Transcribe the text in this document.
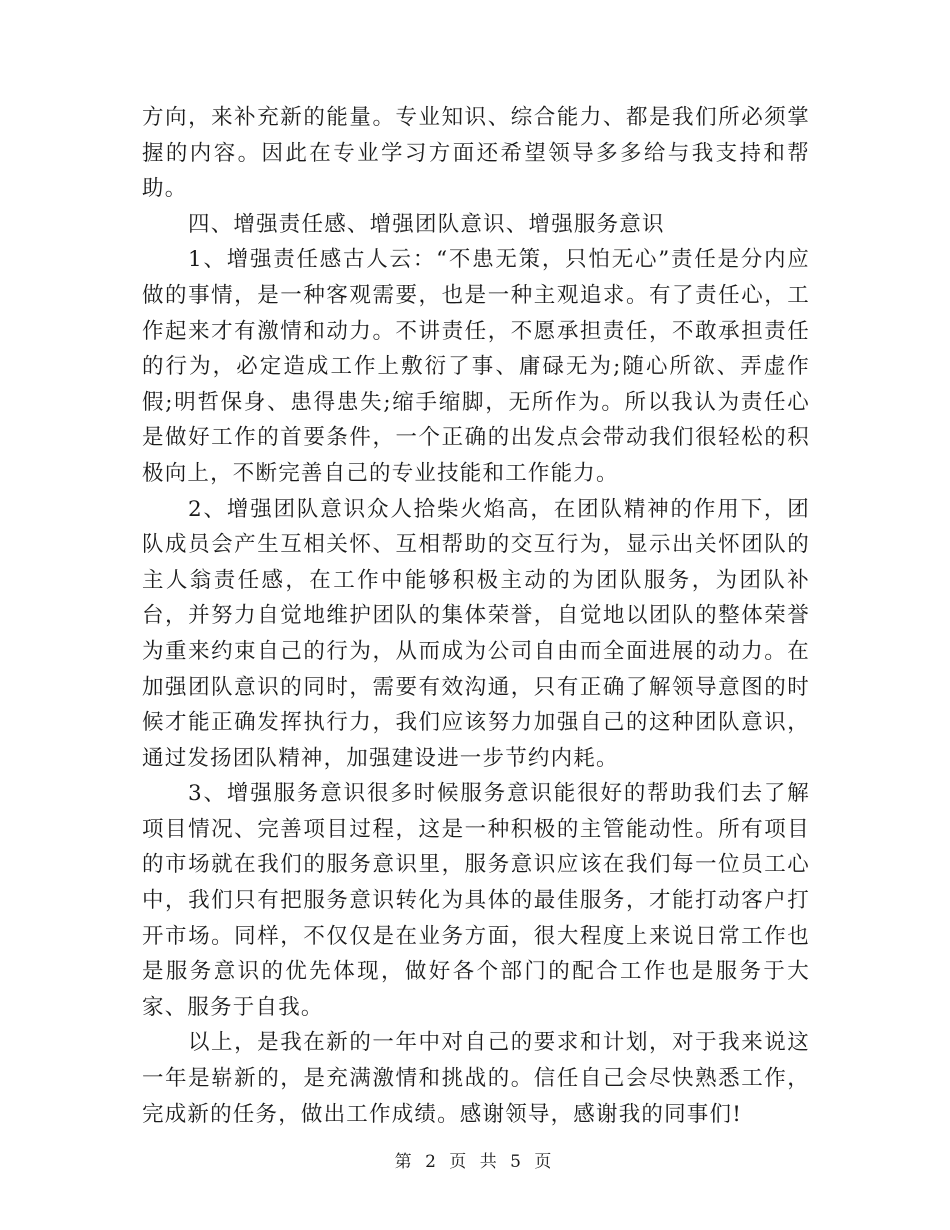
方向，来补充新的能量。专业知识、综合能力、都是我们所必须掌握的内容。因此在专业学习方面还希望领导多多给与我支持和帮助。

四、增强责任感、增强团队意识、增强服务意识

1、增强责任感古人云：“不患无策，只怕无心”责任是分内应做的事情，是一种客观需要，也是一种主观追求。有了责任心，工作起来才有激情和动力。不讲责任，不愿承担责任，不敢承担责任的行为，必定造成工作上敷衍了事、庸碌无为;随心所欲、弄虚作假;明哲保身、患得患失;缩手缩脚，无所作为。所以我认为责任心是做好工作的首要条件，一个正确的出发点会带动我们很轻松的积极向上，不断完善自己的专业技能和工作能力。

2、增强团队意识众人拾柴火焰高，在团队精神的作用下，团队成员会产生互相关怀、互相帮助的交互行为，显示出关怀团队的主人翁责任感，在工作中能够积极主动的为团队服务，为团队补台，并努力自觉地维护团队的集体荣誉，自觉地以团队的整体荣誉为重来约束自己的行为，从而成为公司自由而全面进展的动力。在加强团队意识的同时，需要有效沟通，只有正确了解领导意图的时候才能正确发挥执行力，我们应该努力加强自己的这种团队意识，通过发扬团队精神，加强建设进一步节约内耗。

3、增强服务意识很多时候服务意识能很好的帮助我们去了解项目情况、完善项目过程，这是一种积极的主管能动性。所有项目的市场就在我们的服务意识里，服务意识应该在我们每一位员工心中，我们只有把服务意识转化为具体的最佳服务，才能打动客户打开市场。同样，不仅仅是在业务方面，很大程度上来说日常工作也是服务意识的优先体现，做好各个部门的配合工作也是服务于大家、服务于自我。

以上，是我在新的一年中对自己的要求和计划，对于我来说这一年是崭新的，是充满激情和挑战的。信任自己会尽快熟悉工作，完成新的任务，做出工作成绩。感谢领导，感谢我的同事们!

第 2 页 共 5 页
